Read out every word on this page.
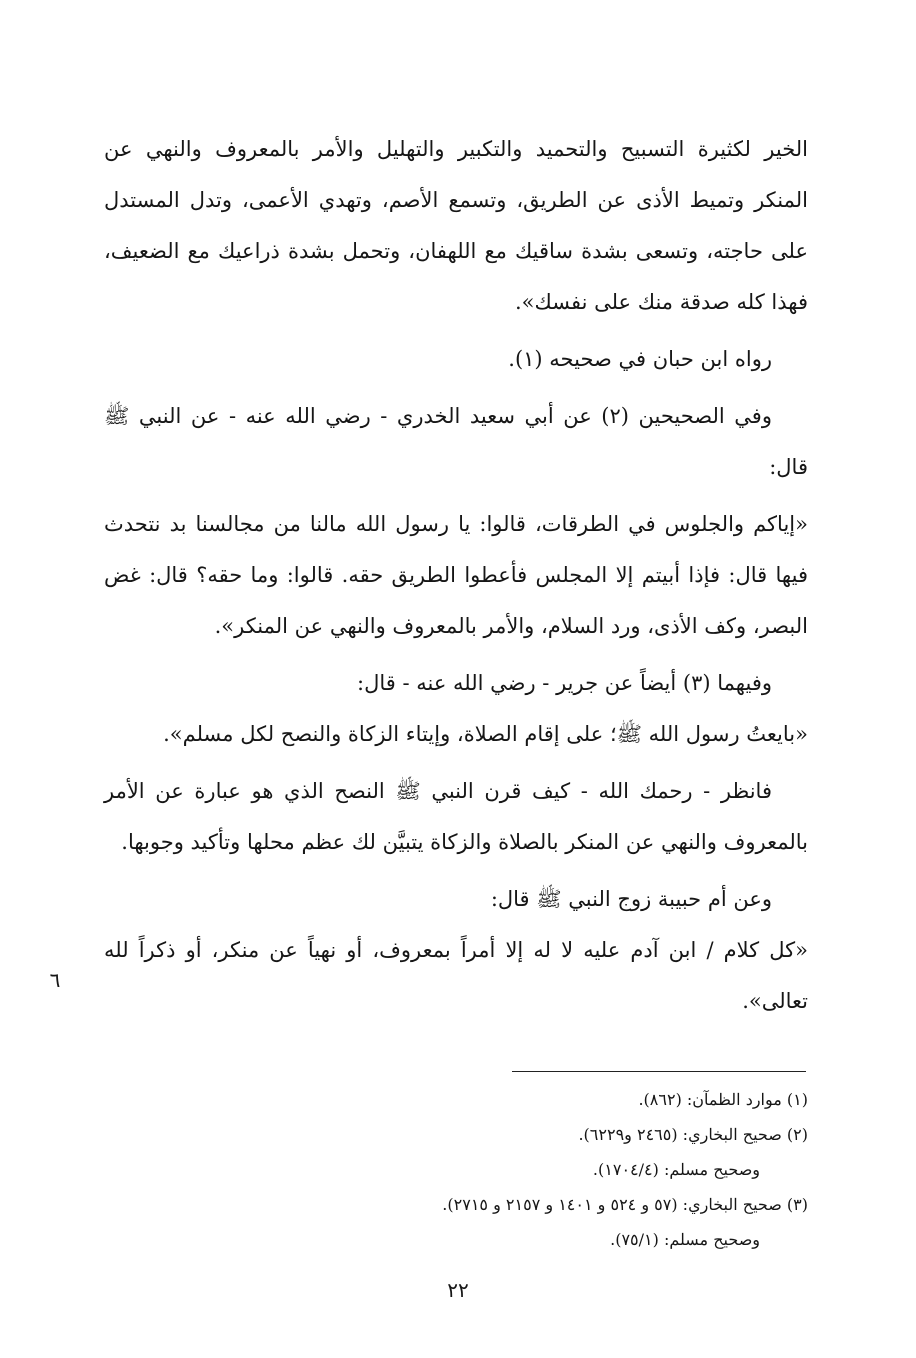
الخير لكثيرة التسبيح والتحميد والتكبير والتهليل والأمر بالمعروف والنهي عن المنكر وتميط الأذى عن الطريق، وتسمع الأصم، وتهدي الأعمى، وتدل المستدل على حاجته، وتسعى بشدة ساقيك مع اللهفان، وتحمل بشدة ذراعيك مع الضعيف، فهذا كله صدقة منك على نفسك».

رواه ابن حبان في صحيحه (١).

وفي الصحيحين (٢) عن أبي سعيد الخدري - رضي الله عنه - عن النبي ﷺ قال:

«إياكم والجلوس في الطرقات، قالوا: يا رسول الله مالنا من مجالسنا بد نتحدث فيها قال: فإذا أبيتم إلا المجلس فأعطوا الطريق حقه. قالوا: وما حقه؟ قال: غض البصر، وكف الأذى، ورد السلام، والأمر بالمعروف والنهي عن المنكر».

وفيهما (٣) أيضاً عن جرير - رضي الله عنه - قال:

«بايعتُ رسول الله ﷺ؛ على إقام الصلاة، وإيتاء الزكاة والنصح لكل مسلم».

فانظر - رحمك الله - كيف قرن النبي ﷺ النصح الذي هو عبارة عن الأمر بالمعروف والنهي عن المنكر بالصلاة والزكاة يتبيَّن لك عظم محلها وتأكيد وجوبها.

وعن أم حبيبة زوج النبي ﷺ قال:

«كل كلام / ابن آدم عليه لا له إلا أمراً بمعروف، أو نهياً عن منكر، أو ذكراً لله تعالى».

٦

(١) موارد الظمآن: (٨٦٢).

(٢) صحيح البخاري: (٢٤٦٥ و٦٢٢٩).

وصحيح مسلم: (١٧٠٤/٤).

(٣) صحيح البخاري: (٥٧ و ٥٢٤ و ١٤٠١ و ٢١٥٧ و ٢٧١٥).

وصحيح مسلم: (٧٥/١).

٢٢
